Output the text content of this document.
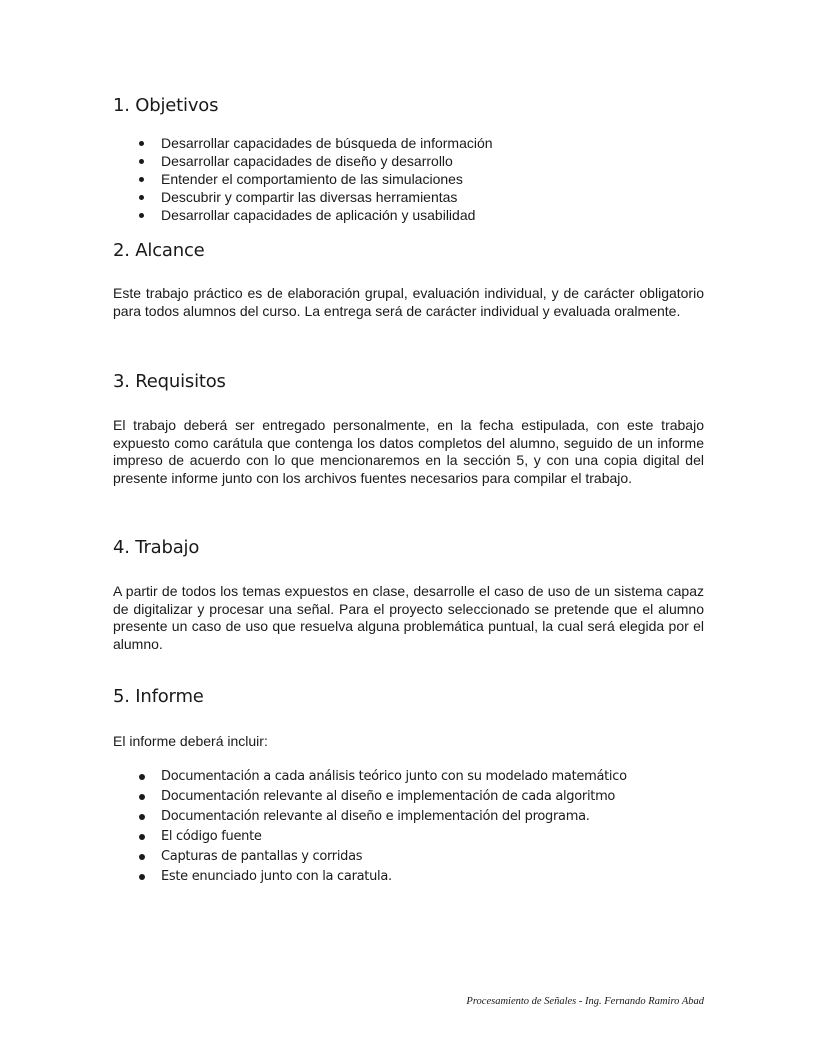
1. Objetivos
Desarrollar capacidades de búsqueda de información
Desarrollar capacidades de diseño y desarrollo
Entender el comportamiento de las simulaciones
Descubrir y compartir las diversas herramientas
Desarrollar capacidades de aplicación y usabilidad
2. Alcance

Este trabajo práctico es de elaboración grupal, evaluación individual, y de carácter obligatorio para todos alumnos del curso. La entrega será de carácter individual y evaluada oralmente.

3. Requisitos

El trabajo deberá ser entregado personalmente, en la fecha estipulada, con este trabajo expuesto como carátula que contenga los datos completos del alumno, seguido de un informe impreso de acuerdo con lo que mencionaremos en la sección 5, y con una copia digital del presente informe junto con los archivos fuentes necesarios para compilar el trabajo.

4. Trabajo

A partir de todos los temas expuestos en clase, desarrolle el caso de uso de un sistema capaz de digitalizar y procesar una señal. Para el proyecto seleccionado se pretende que el alumno presente un caso de uso que resuelva alguna problemática puntual, la cual será elegida por el alumno.

5. Informe

El informe deberá incluir:

Documentación a cada análisis teórico junto con su modelado matemático
Documentación relevante al diseño e implementación de cada algoritmo
Documentación relevante al diseño e implementación del programa.
El código fuente
Capturas de pantallas y corridas
Este enunciado junto con la caratula.
Procesamiento de Señales - Ing. Fernando Ramiro Abad
